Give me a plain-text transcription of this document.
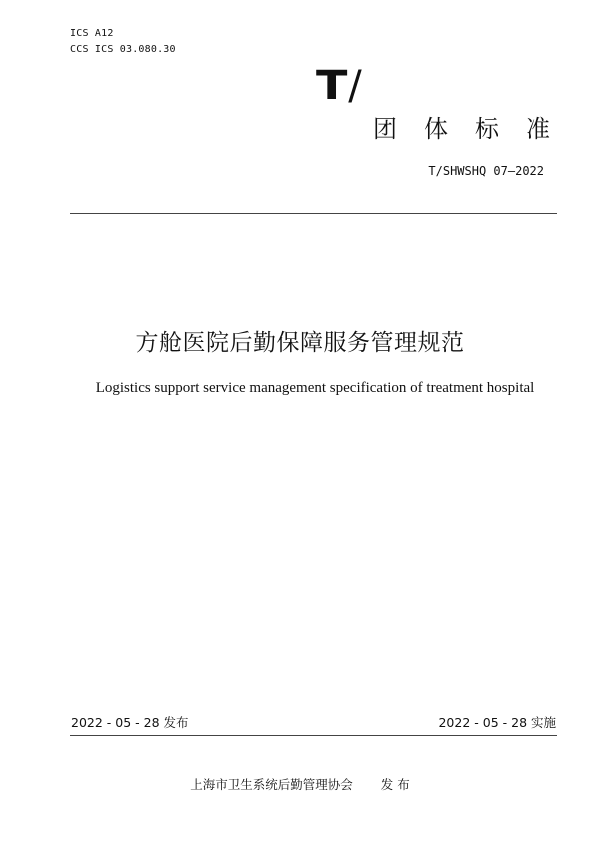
ICS A12
CCS ICS 03.080.30
T/
团体标准
T/SHWSHQ 07—2022
方舱医院后勤保障服务管理规范
Logistics support service management specification of treatment hospital
2022 - 05 - 28 发布	2022 - 05 - 28 实施
上海市卫生系统后勤管理协会 发 布
